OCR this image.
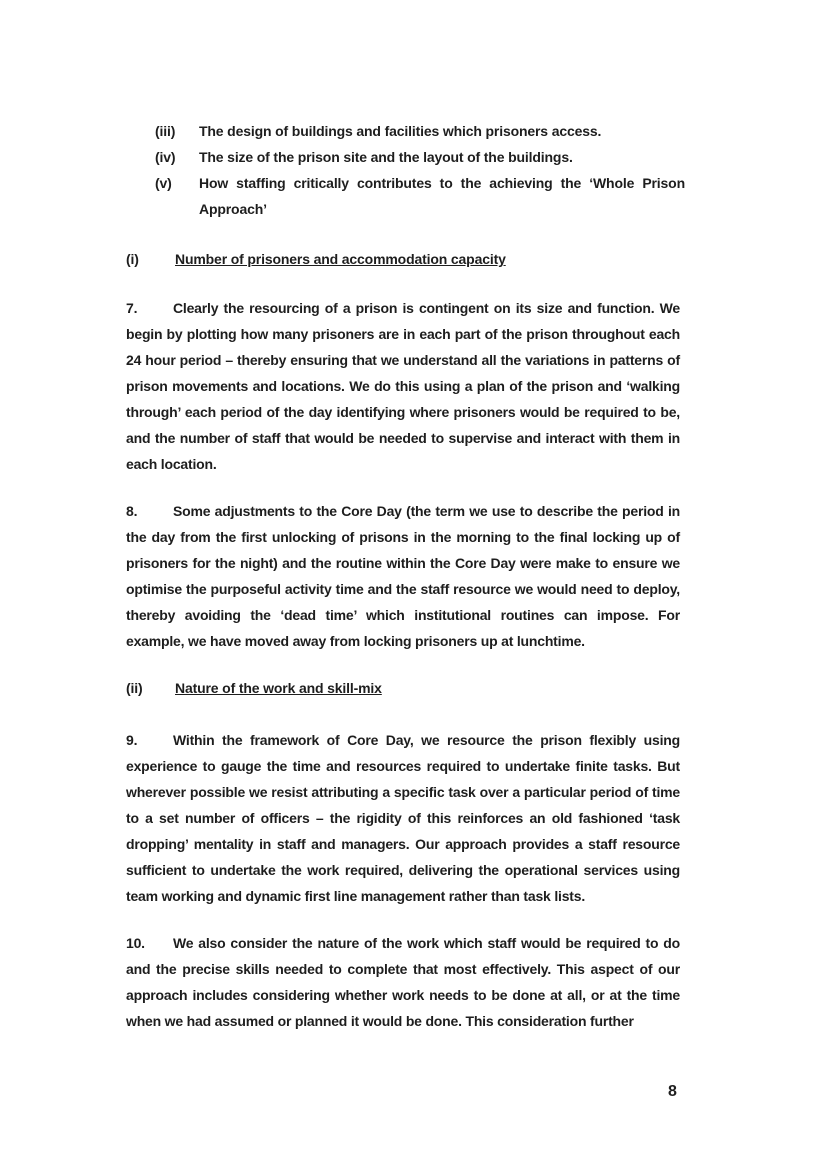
(iii)	The design of buildings and facilities which prisoners access.
(iv)	The size of the prison site and the layout of the buildings.
(v)	How staffing critically contributes to the achieving the ‘Whole Prison Approach’
(i)	Number of prisoners and accommodation capacity
7.	Clearly the resourcing of a prison is contingent on its size and function. We begin by plotting how many prisoners are in each part of the prison throughout each 24 hour period – thereby ensuring that we understand all the variations in patterns of prison movements and locations. We do this using a plan of the prison and ‘walking through’ each period of the day identifying where prisoners would be required to be, and the number of staff that would be needed to supervise and interact with them in each location.
8.	Some adjustments to the Core Day (the term we use to describe the period in the day from the first unlocking of prisons in the morning to the final locking up of prisoners for the night) and the routine within the Core Day were make to ensure we optimise the purposeful activity time and the staff resource we would need to deploy, thereby avoiding the ‘dead time’ which institutional routines can impose. For example, we have moved away from locking prisoners up at lunchtime.
(ii)	Nature of the work and skill-mix
9.	Within the framework of Core Day, we resource the prison flexibly using experience to gauge the time and resources required to undertake finite tasks. But wherever possible we resist attributing a specific task over a particular period of time to a set number of officers – the rigidity of this reinforces an old fashioned ‘task dropping’ mentality in staff and managers. Our approach provides a staff resource sufficient to undertake the work required, delivering the operational services using team working and dynamic first line management rather than task lists.
10. We also consider the nature of the work which staff would be required to do and the precise skills needed to complete that most effectively. This aspect of our approach includes considering whether work needs to be done at all, or at the time when we had assumed or planned it would be done. This consideration further
8
